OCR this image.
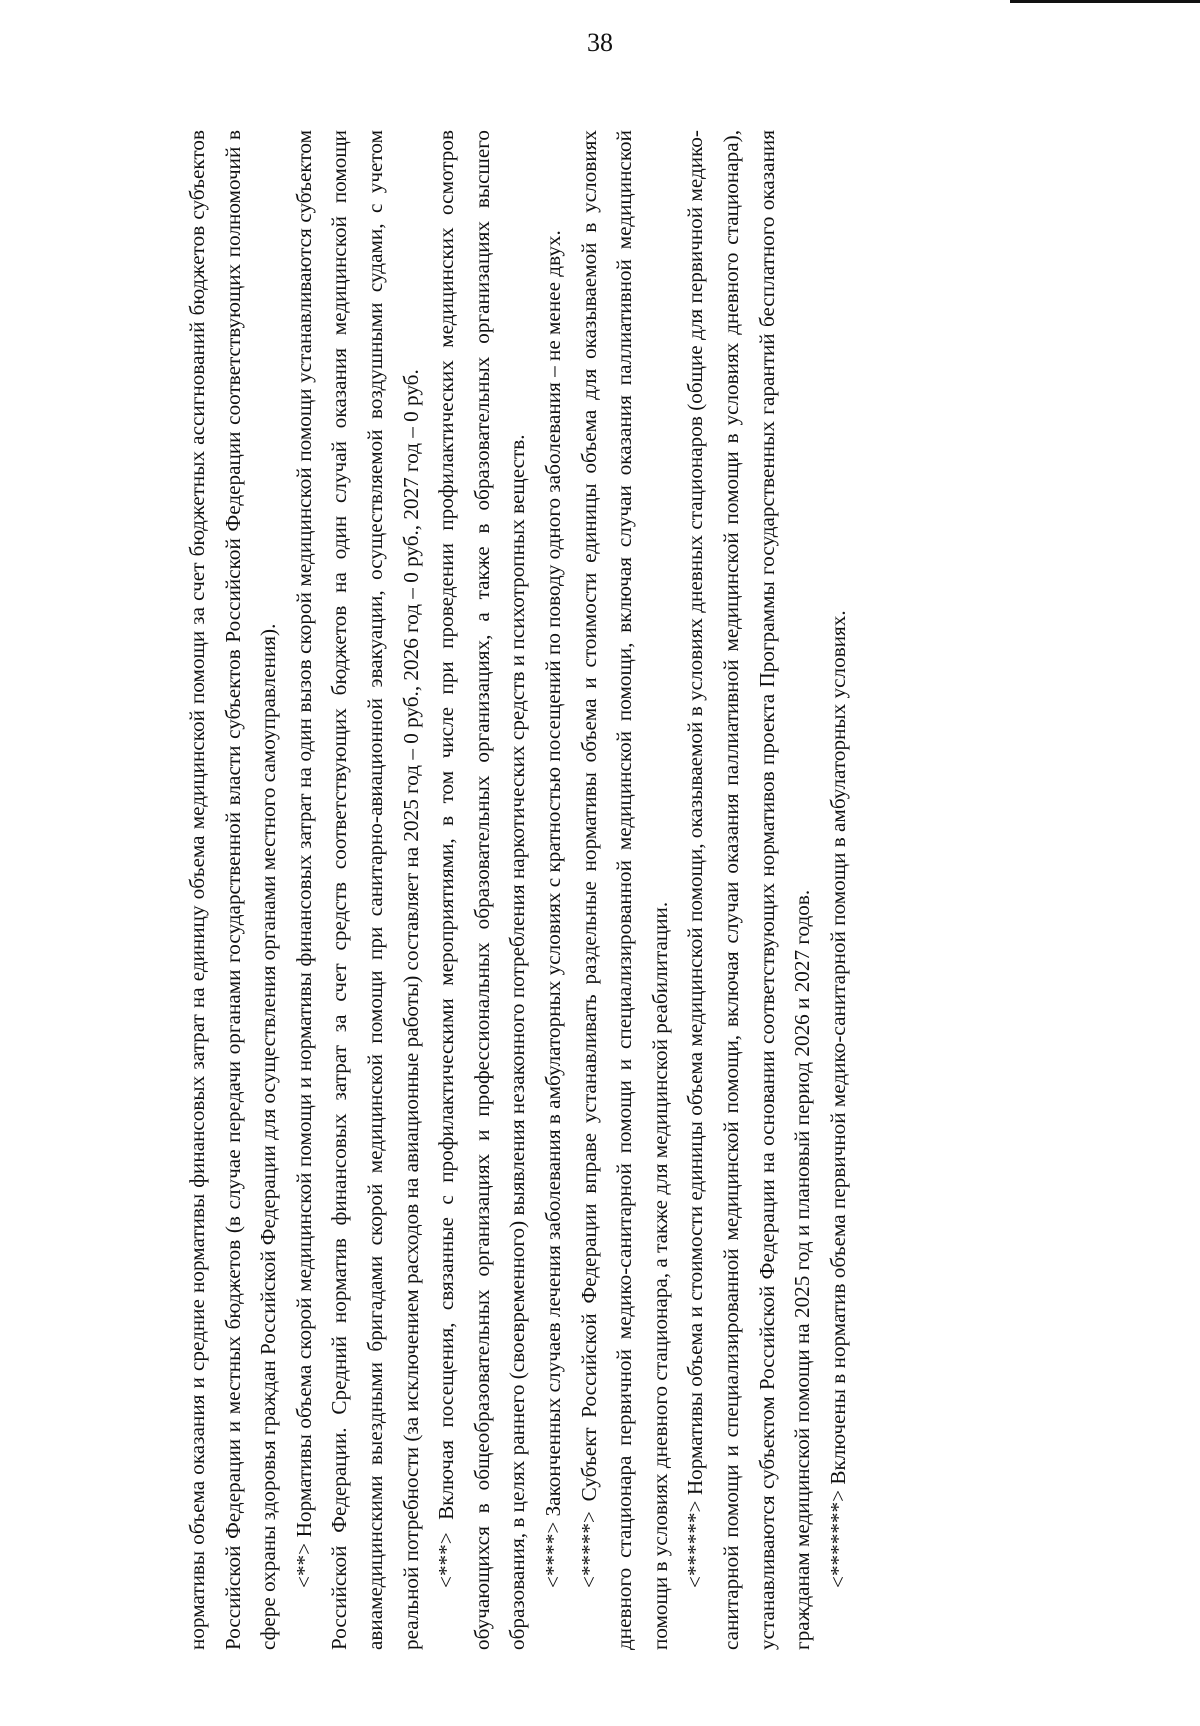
38

нормативы объема оказания и средние нормативы финансовых затрат на единицу объема медицинской помощи за счет бюджетных ассигнований бюджетов субъектов Российской Федерации и местных бюджетов (в случае передачи органами государственной власти субъектов Российской Федерации соответствующих полномочий в сфере охраны здоровья граждан Российской Федерации для осуществления органами местного самоуправления). <**> Нормативы объема скорой медицинской помощи и нормативы финансовых затрат на один вызов скорой медицинской помощи устанавливаются субъектом Российской Федерации. Средний норматив финансовых затрат за счет средств соответствующих бюджетов на один случай оказания медицинской помощи авиамедицинскими выездными бригадами скорой медицинской помощи при санитарно-авиационной эвакуации, осуществляемой воздушными судами, с учетом реальной потребности (за исключением расходов на авиационные работы) составляет на 2025 год – 0 руб., 2026 год – 0 руб., 2027 год – 0 руб. <***> Включая посещения, связанные с профилактическими мероприятиями, в том числе при проведении профилактических медицинских осмотров обучающихся в общеобразовательных организациях и профессиональных образовательных организациях, а также в образовательных организациях высшего образования, в целях раннего (своевременного) выявления незаконного потребления наркотических средств и психотропных веществ. <****> Законченных случаев лечения заболевания в амбулаторных условиях с кратностью посещений по поводу одного заболевания – не менее двух. <*****> Субъект Российской Федерации вправе устанавливать раздельные нормативы объема и стоимости единицы объема для оказываемой в условиях дневного стационара первичной медико-санитарной помощи и специализированной медицинской помощи, включая случаи оказания паллиативной медицинской помощи в условиях дневного стационара, а также для медицинской реабилитации. <******> Нормативы объема и стоимости единицы объема медицинской помощи, оказываемой в условиях дневных стационаров (общие для первичной медико-санитарной помощи и специализированной медицинской помощи, включая случаи оказания паллиативной медицинской помощи в условиях дневного стационара), устанавливаются субъектом Российской Федерации на основании соответствующих нормативов проекта Программы государственных гарантий бесплатного оказания гражданам медицинской помощи на 2025 год и плановый период 2026 и 2027 годов. <*******> Включены в норматив объема первичной медико-санитарной помощи в амбулаторных условиях.
